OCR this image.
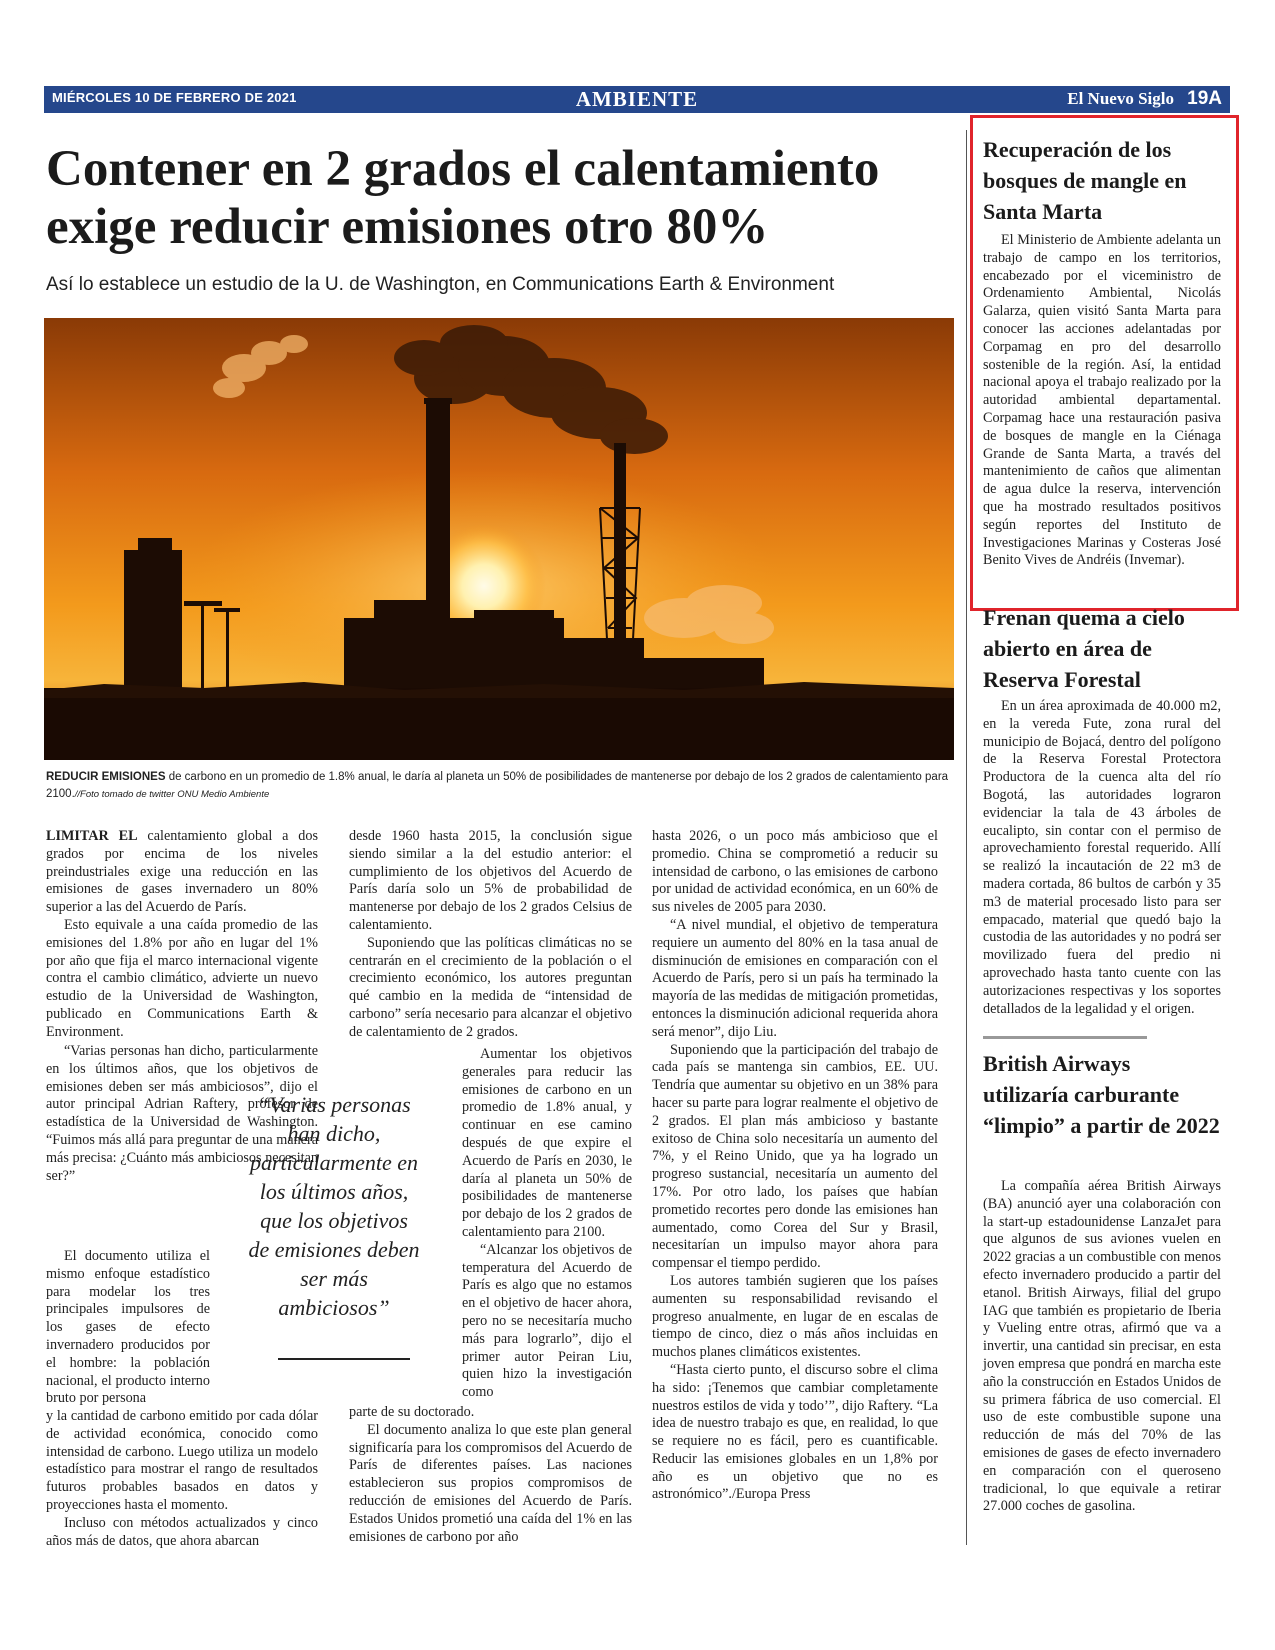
MIÉRCOLES 10 DE FEBRERO DE 2021	AMBIENTE	El Nuevo Siglo 19A
Contener en 2 grados el calentamiento exige reducir emisiones otro 80%
Así lo establece un estudio de la U. de Washington, en Communications Earth & Environment
REDUCIR EMISIONES de carbono en un promedio de 1.8% anual, le daría al planeta un 50% de posibilidades de mantenerse por debajo de los 2 grados de calentamiento para 2100.//Foto tomado de twitter ONU Medio Ambiente

LIMITAR EL calentamiento global a dos grados por encima de los niveles preindustriales exige una reducción en las emisiones de gases invernadero un 80% superior a las del Acuerdo de París.

Esto equivale a una caída promedio de las emisiones del 1.8% por año en lugar del 1% por año que fija el marco internacional vigente contra el cambio climático, advierte un nuevo estudio de la Universidad de Washington, publicado en Communications Earth & Environment.

“Varias personas han dicho, particularmente en los últimos años, que los objetivos de emisiones deben ser más ambiciosos”, dijo el autor principal Adrian Raftery, profesor de estadística de la Universidad de Washington. “Fuimos más allá para preguntar de una manera más precisa: ¿Cuánto más ambiciosos necesitan ser?”

El documento utiliza el mismo enfoque estadístico para modelar los tres principales impulsores de los gases de efecto invernadero producidos por el hombre: la población nacional, el producto interno bruto por persona

y la cantidad de carbono emitido por cada dólar de actividad económica, conocido como intensidad de carbono. Luego utiliza un modelo estadístico para mostrar el rango de resultados futuros probables basados en datos y proyecciones hasta el momento.

Incluso con métodos actualizados y cinco años más de datos, que ahora abarcan

“Varias personas han dicho, particularmente en los últimos años, que los objetivos de emisiones deben ser más ambiciosos”

desde 1960 hasta 2015, la conclusión sigue siendo similar a la del estudio anterior: el cumplimiento de los objetivos del Acuerdo de París daría solo un 5% de probabilidad de mantenerse por debajo de los 2 grados Celsius de calentamiento.

Suponiendo que las políticas climáticas no se centrarán en el crecimiento de la población o el crecimiento económico, los autores preguntan qué cambio en la medida de “intensidad de carbono” sería necesario para alcanzar el objetivo de calentamiento de 2 grados.

Aumentar los objetivos generales para reducir las emisiones de carbono en un promedio de 1.8% anual, y continuar en ese camino después de que expire el Acuerdo de París en 2030, le daría al planeta un 50% de posibilidades de mantenerse por debajo de los 2 grados de calentamiento para 2100.

“Alcanzar los objetivos de temperatura del Acuerdo de París es algo que no estamos en el objetivo de hacer ahora, pero no se necesitaría mucho más para lograrlo”, dijo el primer autor Peiran Liu, quien hizo la investigación como

parte de su doctorado.

El documento analiza lo que este plan general significaría para los compromisos del Acuerdo de París de diferentes países. Las naciones establecieron sus propios compromisos de reducción de emisiones del Acuerdo de París. Estados Unidos prometió una caída del 1% en las emisiones de carbono por año

hasta 2026, o un poco más ambicioso que el promedio. China se comprometió a reducir su intensidad de carbono, o las emisiones de carbono por unidad de actividad económica, en un 60% de sus niveles de 2005 para 2030.

“A nivel mundial, el objetivo de temperatura requiere un aumento del 80% en la tasa anual de disminución de emisiones en comparación con el Acuerdo de París, pero si un país ha terminado la mayoría de las medidas de mitigación prometidas, entonces la disminución adicional requerida ahora será menor”, dijo Liu.

Suponiendo que la participación del trabajo de cada país se mantenga sin cambios, EE. UU. Tendría que aumentar su objetivo en un 38% para hacer su parte para lograr realmente el objetivo de 2 grados. El plan más ambicioso y bastante exitoso de China solo necesitaría un aumento del 7%, y el Reino Unido, que ya ha logrado un progreso sustancial, necesitaría un aumento del 17%. Por otro lado, los países que habían prometido recortes pero donde las emisiones han aumentado, como Corea del Sur y Brasil, necesitarían un impulso mayor ahora para compensar el tiempo perdido.

Los autores también sugieren que los países aumenten su responsabilidad revisando el progreso anualmente, en lugar de en escalas de tiempo de cinco, diez o más años incluidas en muchos planes climáticos existentes.

“Hasta cierto punto, el discurso sobre el clima ha sido: ¡Tenemos que cambiar completamente nuestros estilos de vida y todo’”, dijo Raftery. “La idea de nuestro trabajo es que, en realidad, lo que se requiere no es fácil, pero es cuantificable. Reducir las emisiones globales en un 1,8% por año es un objetivo que no es astronómico”./Europa Press

Recuperación de los bosques de mangle en Santa Marta

El Ministerio de Ambiente adelanta un trabajo de campo en los territorios, encabezado por el viceministro de Ordenamiento Ambiental, Nicolás Galarza, quien visitó Santa Marta para conocer las acciones adelantadas por Corpamag en pro del desarrollo sostenible de la región. Así, la entidad nacional apoya el trabajo realizado por la autoridad ambiental departamental. Corpamag hace una restauración pasiva de bosques de mangle en la Ciénaga Grande de Santa Marta, a través del mantenimiento de caños que alimentan de agua dulce la reserva, intervención que ha mostrado resultados positivos según reportes del Instituto de Investigaciones Marinas y Costeras José Benito Vives de Andréis (Invemar).

Frenan quema a cielo abierto en área de Reserva Forestal

En un área aproximada de 40.000 m2, en la vereda Fute, zona rural del municipio de Bojacá, dentro del polígono de la Reserva Forestal Protectora Productora de la cuenca alta del río Bogotá, las autoridades lograron evidenciar la tala de 43 árboles de eucalipto, sin contar con el permiso de aprovechamiento forestal requerido. Allí se realizó la incautación de 22 m3 de madera cortada, 86 bultos de carbón y 35 m3 de material procesado listo para ser empacado, material que quedó bajo la custodia de las autoridades y no podrá ser movilizado fuera del predio ni aprovechado hasta tanto cuente con las autorizaciones respectivas y los soportes detallados de la legalidad y el origen.

British Airways utilizaría carburante “limpio” a partir de 2022

La compañía aérea British Airways (BA) anunció ayer una colaboración con la start-up estadounidense LanzaJet para que algunos de sus aviones vuelen en 2022 gracias a un combustible con menos efecto invernadero producido a partir del etanol. British Airways, filial del grupo IAG que también es propietario de Iberia y Vueling entre otras, afirmó que va a invertir, una cantidad sin precisar, en esta joven empresa que pondrá en marcha este año la construcción en Estados Unidos de su primera fábrica de uso comercial. El uso de este combustible supone una reducción de más del 70% de las emisiones de gases de efecto invernadero en comparación con el queroseno tradicional, lo que equivale a retirar 27.000 coches de gasolina.
